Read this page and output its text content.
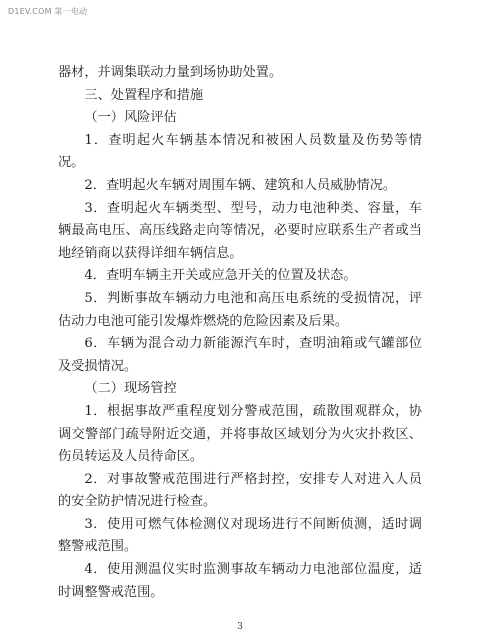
D1EV.COM 第一电动

器材，并调集联动力量到场协助处置。

三、处置程序和措施

（一）风险评估

1．查明起火车辆基本情况和被困人员数量及伤势等情况。

2．查明起火车辆对周围车辆、建筑和人员威胁情况。

3．查明起火车辆类型、型号，动力电池种类、容量，车辆最高电压、高压线路走向等情况，必要时应联系生产者或当地经销商以获得详细车辆信息。

4．查明车辆主开关或应急开关的位置及状态。

5．判断事故车辆动力电池和高压电系统的受损情况，评估动力电池可能引发爆炸燃烧的危险因素及后果。

6．车辆为混合动力新能源汽车时，查明油箱或气罐部位及受损情况。

（二）现场管控

1．根据事故严重程度划分警戒范围，疏散围观群众，协调交警部门疏导附近交通，并将事故区域划分为火灾扑救区、伤员转运及人员待命区。

2．对事故警戒范围进行严格封控，安排专人对进入人员的安全防护情况进行检查。

3．使用可燃气体检测仪对现场进行不间断侦测，适时调整警戒范围。

4．使用测温仪实时监测事故车辆动力电池部位温度，适时调整警戒范围。

3
